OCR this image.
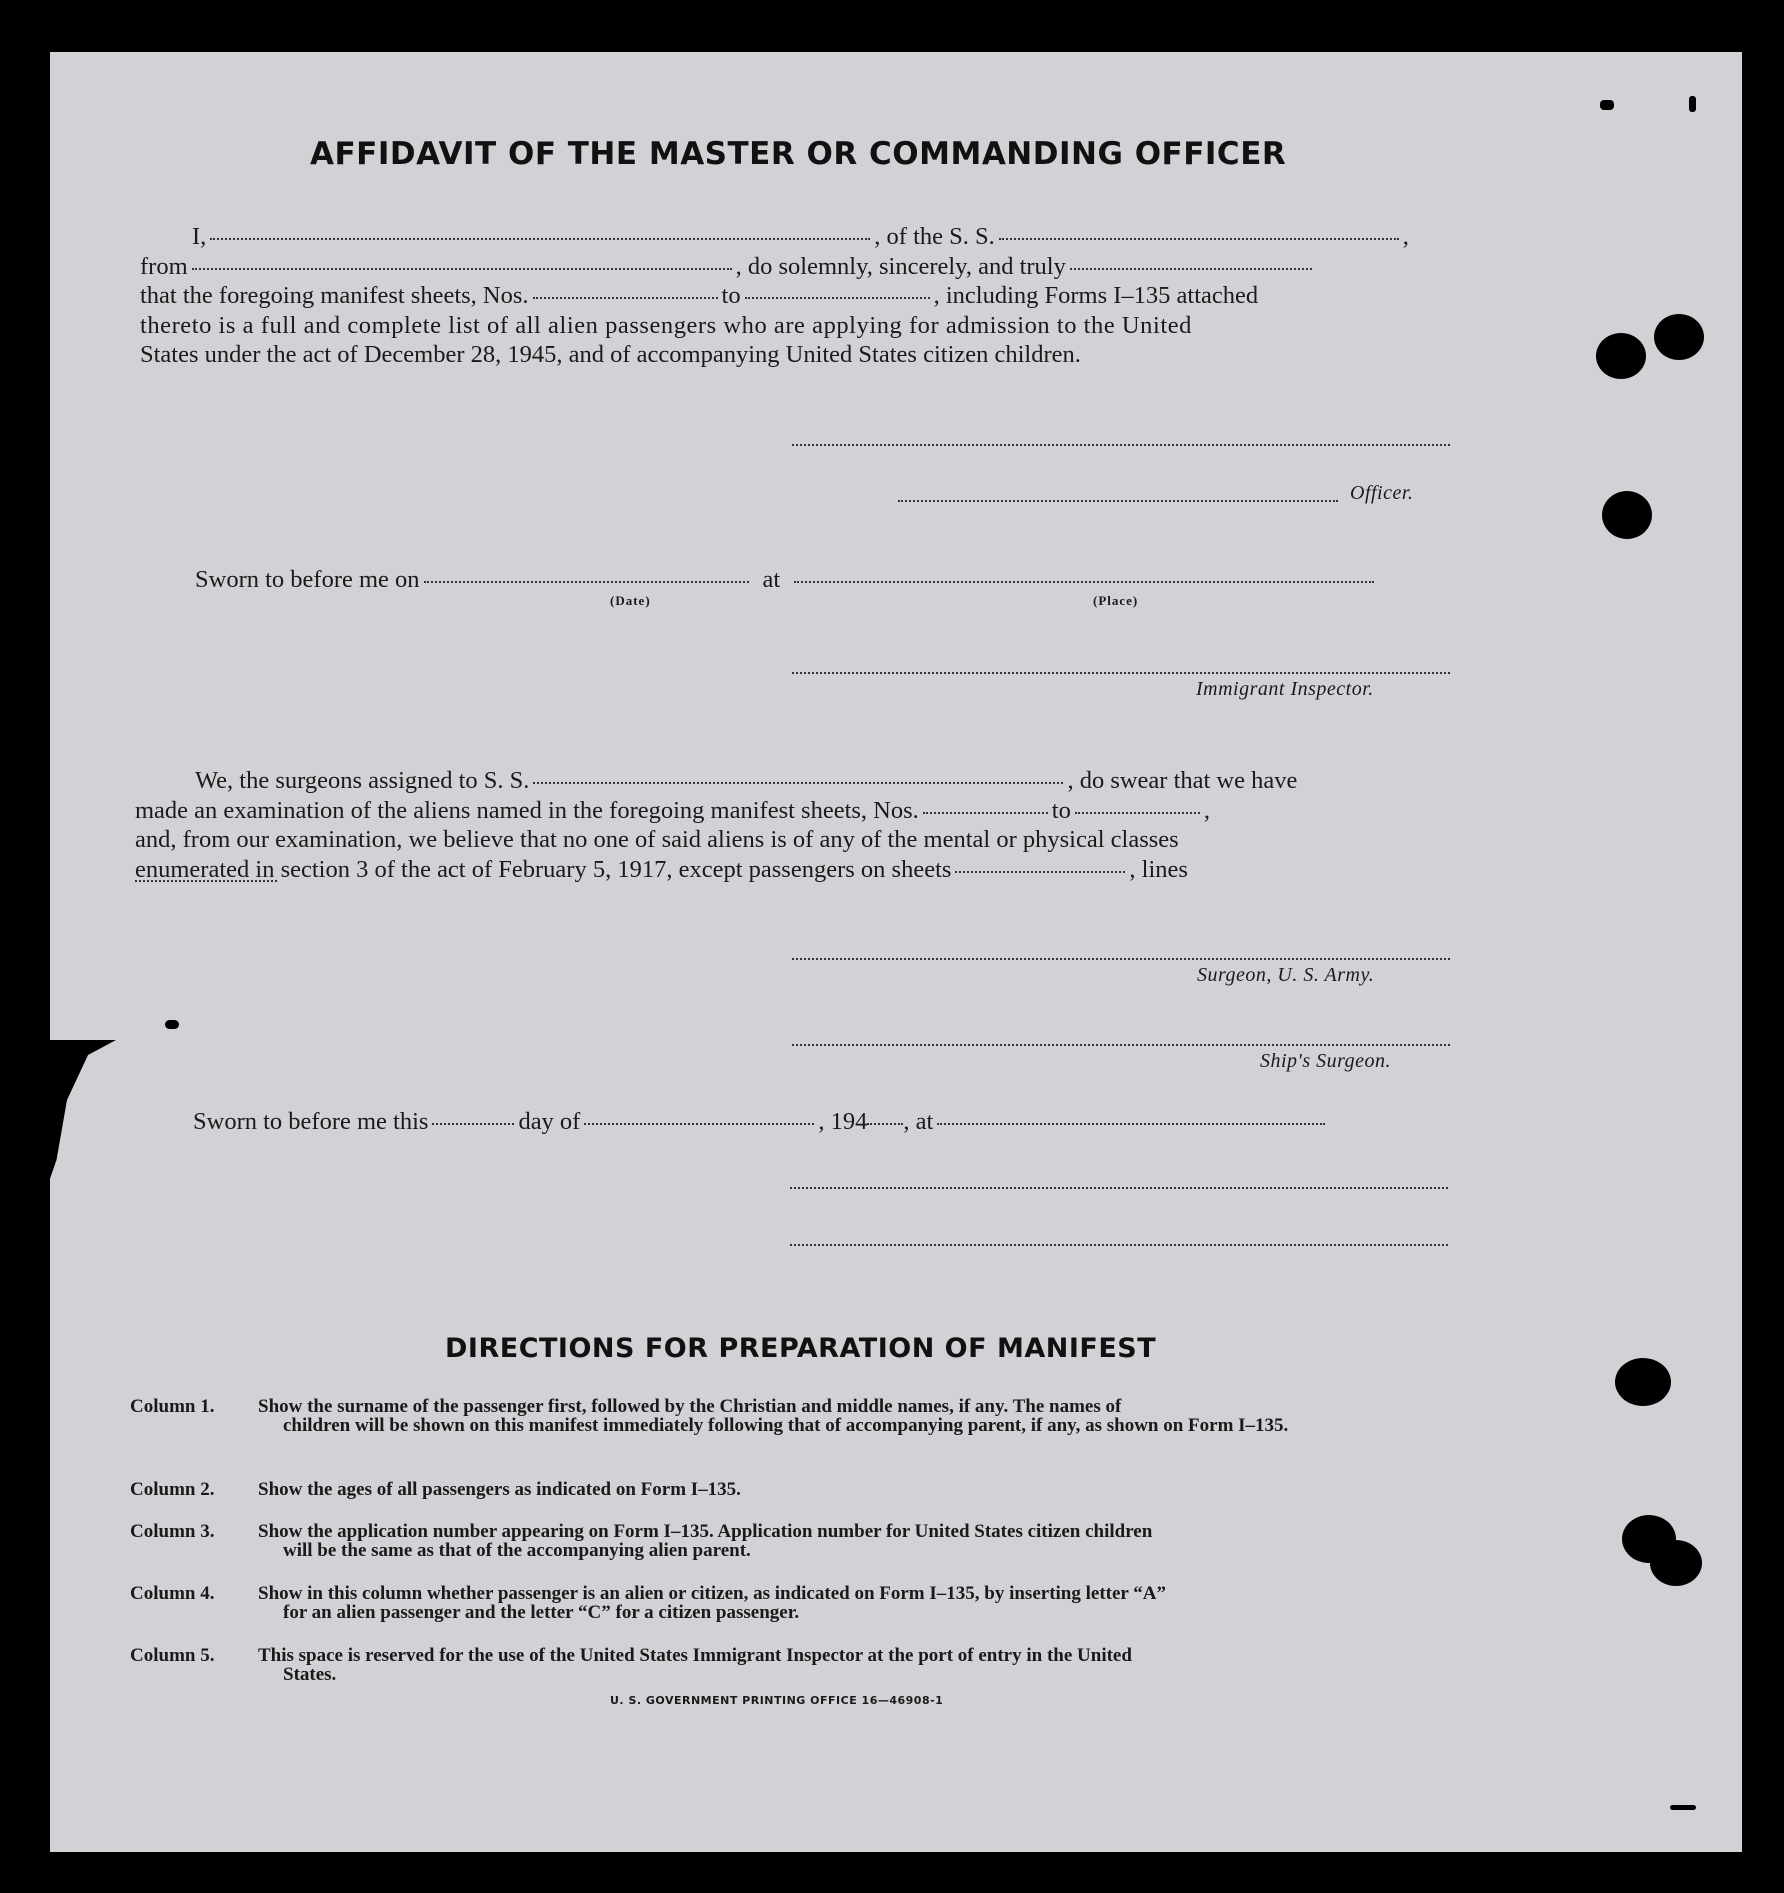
AFFIDAVIT OF THE MASTER OR COMMANDING OFFICER
I,	, of the S. S.	,
from	, do solemnly, sincerely, and truly
that the foregoing manifest sheets, Nos.	to	, including Forms I–135 attached
thereto is a full and complete list of all alien passengers who are applying for admission to the United
States under the act of December 28, 1945, and of accompanying United States citizen children.
Officer.
Sworn to before me on	at
(Date)	(Place)
Immigrant Inspector.
We, the surgeons assigned to S. S.	, do swear that we have
made an examination of the aliens named in the foregoing manifest sheets, Nos.	to	,
and, from our examination, we believe that no one of said aliens is of any of the mental or physical classes
enumerated in section 3 of the act of February 5, 1917, except passengers on sheets	, lines
Surgeon, U. S. Army.
Ship's Surgeon.
Sworn to before me this	day of	, 194 , at
DIRECTIONS FOR PREPARATION OF MANIFEST
Column 1. Show the surname of the passenger first, followed by the Christian and middle names, if any. The names of
children will be shown on this manifest immediately following that of accompanying parent, if any, as shown on Form I–135.
Column 2. Show the ages of all passengers as indicated on Form I–135.
Column 3. Show the application number appearing on Form I–135. Application number for United States citizen children
will be the same as that of the accompanying alien parent.
Column 4. Show in this column whether passenger is an alien or citizen, as indicated on Form I–135, by inserting letter “A”
for an alien passenger and the letter “C” for a citizen passenger.
Column 5. This space is reserved for the use of the United States Immigrant Inspector at the port of entry in the United
States.
U. S. GOVERNMENT PRINTING OFFICE 16—46908-1
